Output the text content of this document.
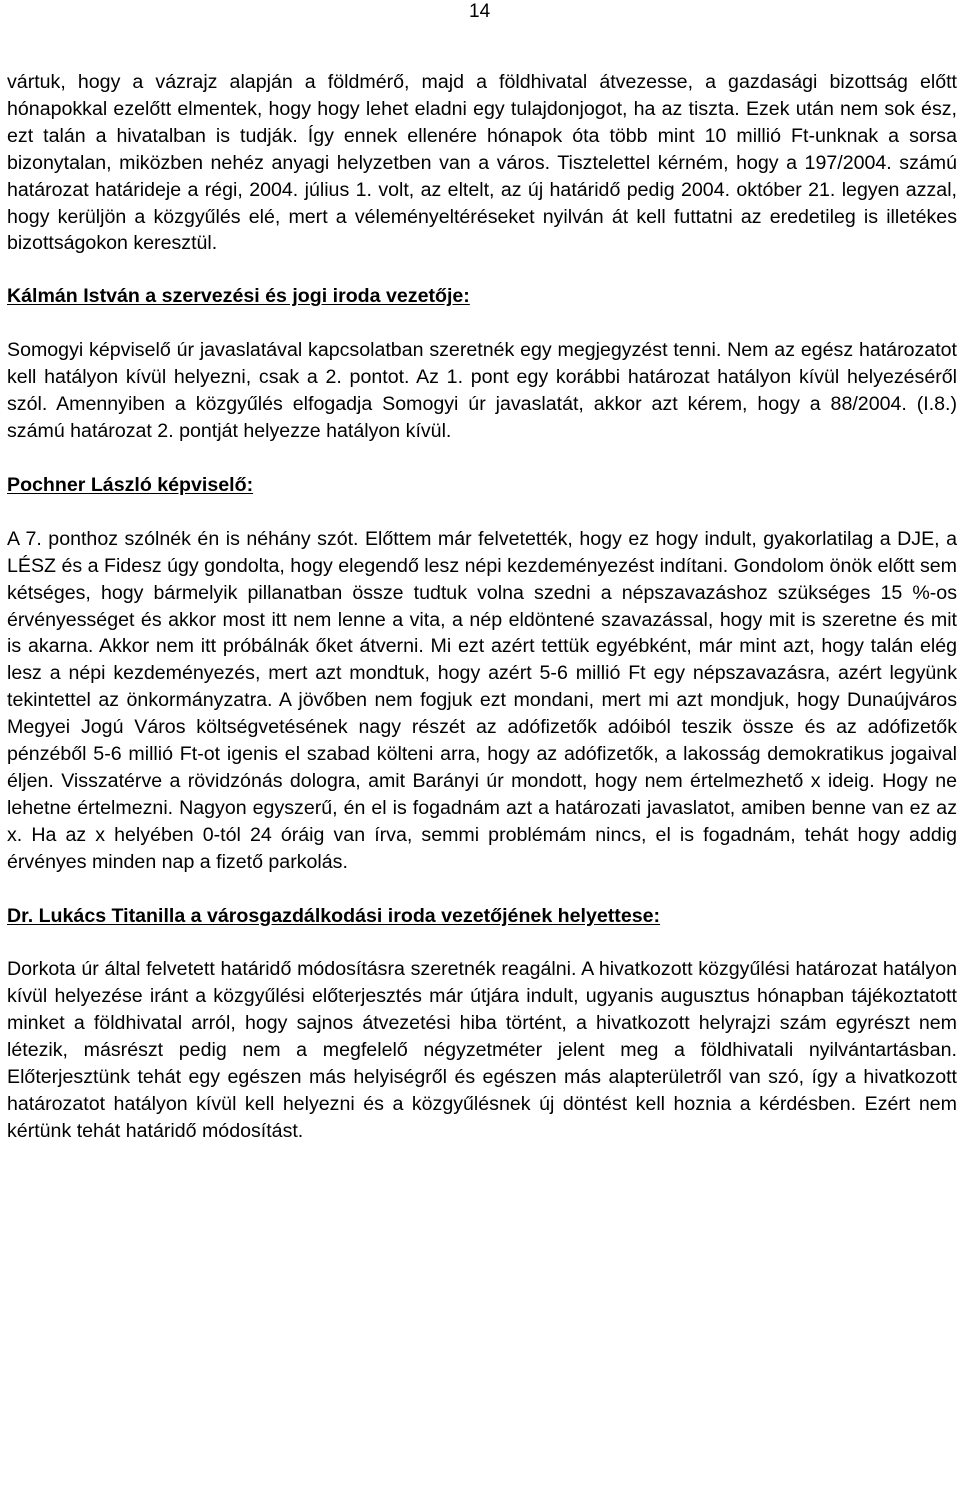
14

vártuk, hogy a vázrajz alapján a földmérő, majd a földhivatal átvezesse, a gazdasági bizottság előtt hónapokkal ezelőtt elmentek, hogy hogy lehet eladni egy tulajdonjogot, ha az tiszta. Ezek után nem sok ész, ezt talán a hivatalban is tudják. Így ennek ellenére hónapok óta több mint 10 millió Ft-unknak a sorsa bizonytalan, miközben nehéz anyagi helyzetben van a város. Tisztelettel kérném, hogy a 197/2004. számú határozat határideje a régi, 2004. július 1. volt, az eltelt, az új határidő pedig 2004. október 21. legyen azzal, hogy kerüljön a közgyűlés elé, mert a véleményeltéréseket nyilván át kell futtatni az eredetileg is illetékes bizottságokon keresztül.

Kálmán István a szervezési és jogi iroda vezetője:

Somogyi képviselő úr javaslatával kapcsolatban szeretnék egy megjegyzést tenni. Nem az egész határozatot kell hatályon kívül helyezni, csak a 2. pontot. Az 1. pont egy korábbi határozat hatályon kívül helyezéséről szól. Amennyiben a közgyűlés elfogadja Somogyi úr javaslatát, akkor azt kérem, hogy a 88/2004. (I.8.) számú határozat 2. pontját helyezze hatályon kívül.

Pochner László képviselő:

A 7. ponthoz szólnék én is néhány szót. Előttem már felvetették, hogy ez hogy indult, gyakorlatilag a DJE, a LÉSZ és a Fidesz úgy gondolta, hogy elegendő lesz népi kezdeményezést indítani. Gondolom önök előtt sem kétséges, hogy bármelyik pillanatban össze tudtuk volna szedni a népszavazáshoz szükséges 15 %-os érvényességet és akkor most itt nem lenne a vita, a nép eldöntené szavazással, hogy mit is szeretne és mit is akarna. Akkor nem itt próbálnák őket átverni. Mi ezt azért tettük egyébként, már mint azt, hogy talán elég lesz a népi kezdeményezés, mert azt mondtuk, hogy azért 5-6 millió Ft egy népszavazásra, azért legyünk tekintettel az önkormányzatra. A jövőben nem fogjuk ezt mondani, mert mi azt mondjuk, hogy Dunaújváros Megyei Jogú Város költségvetésének nagy részét az adófizetők adóiból teszik össze és az adófizetők pénzéből 5-6 millió Ft-ot igenis el szabad költeni arra, hogy az adófizetők, a lakosság demokratikus jogaival éljen. Visszatérve a rövidzónás dologra, amit Barányi úr mondott, hogy nem értelmezhető x ideig. Hogy ne lehetne értelmezni. Nagyon egyszerű, én el is fogadnám azt a határozati javaslatot, amiben benne van ez az x. Ha az x helyében 0-tól 24 óráig van írva, semmi problémám nincs, el is fogadnám, tehát hogy addig érvényes minden nap a fizető parkolás.

Dr. Lukács Titanilla a városgazdálkodási iroda vezetőjének helyettese:

Dorkota úr által felvetett határidő módosításra szeretnék reagálni. A hivatkozott közgyűlési határozat hatályon kívül helyezése iránt a közgyűlési előterjesztés már útjára indult, ugyanis augusztus hónapban tájékoztatott minket a földhivatal arról, hogy sajnos átvezetési hiba történt, a hivatkozott helyrajzi szám egyrészt nem létezik, másrészt pedig nem a megfelelő négyzetméter jelent meg a földhivatali nyilvántartásban. Előterjesztünk tehát egy egészen más helyiségről és egészen más alapterületről van szó, így a hivatkozott határozatot hatályon kívül kell helyezni és a közgyűlésnek új döntést kell hoznia a kérdésben. Ezért nem kértünk tehát határidő módosítást.
